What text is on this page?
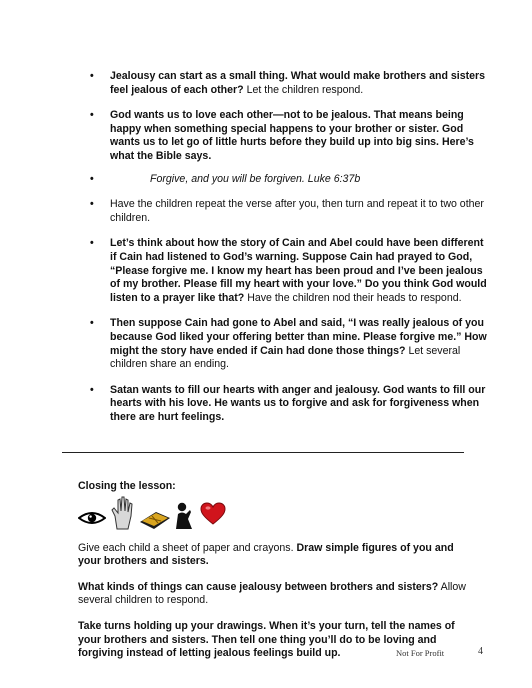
• Jealousy can start as a small thing. What would make brothers and sisters feel jealous of each other? Let the children respond.
• God wants us to love each other—not to be jealous. That means being happy when something special happens to your brother or sister. God wants us to let go of little hurts before they build up into big sins. Here’s what the Bible says.

• Forgive, and you will be forgiven. Luke 6:37b

• Have the children repeat the verse after you, then turn and repeat it to two other children.
• Let’s think about how the story of Cain and Abel could have been different if Cain had listened to God’s warning. Suppose Cain had prayed to God, “Please forgive me. I know my heart has been proud and I’ve been jealous of my brother. Please fill my heart with your love.” Do you think God would listen to a prayer like that? Have the children nod their heads to respond.
• Then suppose Cain had gone to Abel and said, “I was really jealous of you because God liked your offering better than mine. Please forgive me.” How might the story have ended if Cain had done those things? Let several children share an ending.
• Satan wants to fill our hearts with anger and jealousy. God wants to fill our hearts with his love. He wants us to forgive and ask for forgiveness when there are hurt feelings.

Closing the lesson:

Give each child a sheet of paper and crayons. Draw simple figures of you and your brothers and sisters.

What kinds of things can cause jealousy between brothers and sisters? Allow several children to respond.

Take turns holding up your drawings. When it’s your turn, tell the names of your brothers and sisters. Then tell one thing you’ll do to be loving and forgiving instead of letting jealous feelings build up.	Not For Profit	4
